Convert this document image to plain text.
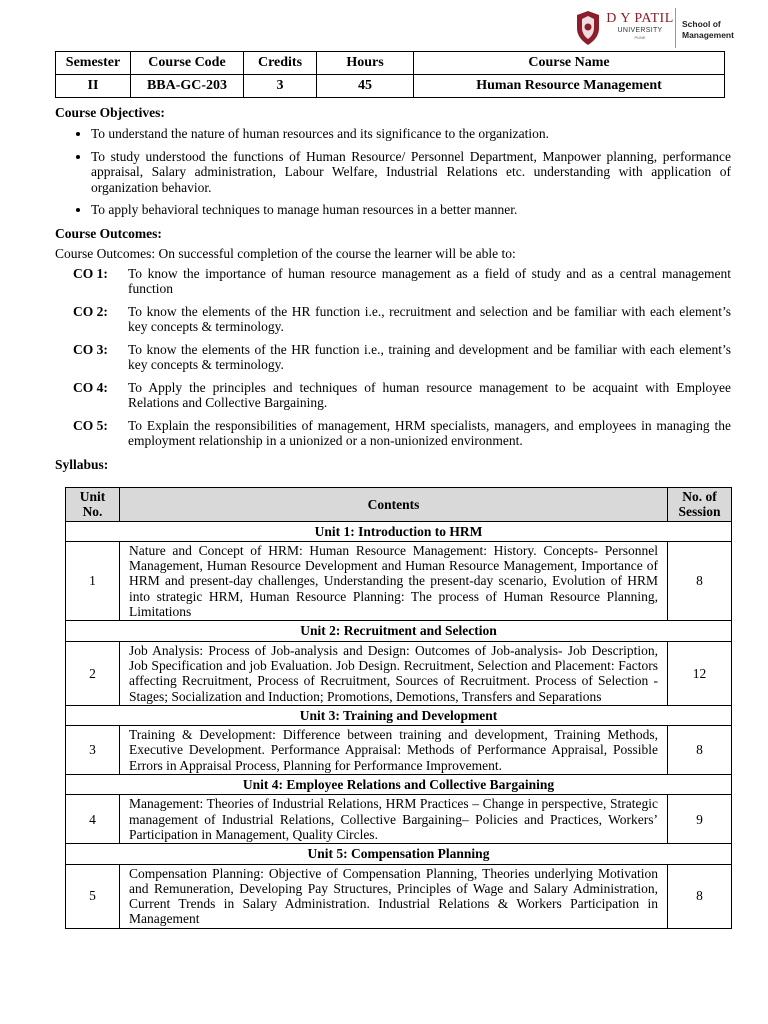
D Y PATIL
UNIVERSITY
PUNE
School of
Management
Semester	Course Code	Credits	Hours	Course Name
II	BBA-GC-203	3	45	Human Resource Management

Course Objectives:

• To understand the nature of human resources and its significance to the organization.
• To study understood the functions of Human Resource/ Personnel Department, Manpower planning, performance appraisal, Salary administration, Labour Welfare, Industrial Relations etc. understanding with application of organization behavior.
• To apply behavioral techniques to manage human resources in a better manner.

Course Outcomes:

Course Outcomes: On successful completion of the course the learner will be able to:
CO 1:	To know the importance of human resource management as a field of study and as a central management function
CO 2:	To know the elements of the HR function i.e., recruitment and selection and be familiar with each element’s key concepts & terminology.
CO 3:	To know the elements of the HR function i.e., training and development and be familiar with each element’s key concepts & terminology.
CO 4:	To Apply the principles and techniques of human resource management to be acquaint with Employee Relations and Collective Bargaining.
CO 5:	To Explain the responsibilities of management, HRM specialists, managers, and employees in managing the employment relationship in a unionized or a non-unionized environment.

Syllabus:

Unit No.	Contents	No. of Session
Unit 1: Introduction to HRM		
1	Nature and Concept of HRM: Human Resource Management: History. Concepts- Personnel Management, Human Resource Development and Human Resource Management, Importance of HRM and present-day challenges, Understanding the present-day scenario, Evolution of HRM into strategic HRM, Human Resource Planning: The process of Human Resource Planning, Limitations	8
Unit 2: Recruitment and Selection		
2	Job Analysis: Process of Job-analysis and Design: Outcomes of Job-analysis- Job Description, Job Specification and job Evaluation. Job Design. Recruitment, Selection and Placement: Factors affecting Recruitment, Process of Recruitment, Sources of Recruitment. Process of Selection - Stages; Socialization and Induction; Promotions, Demotions, Transfers and Separations	12
Unit 3: Training and Development		
3	Training & Development: Difference between training and development, Training Methods, Executive Development. Performance Appraisal: Methods of Performance Appraisal, Possible Errors in Appraisal Process, Planning for Performance Improvement.	8
Unit 4: Employee Relations and Collective Bargaining		
4	Management: Theories of Industrial Relations, HRM Practices – Change in perspective, Strategic management of Industrial Relations, Collective Bargaining– Policies and Practices, Workers’ Participation in Management, Quality Circles.	9
Unit 5: Compensation Planning		
5	Compensation Planning: Objective of Compensation Planning, Theories underlying Motivation and Remuneration, Developing Pay Structures, Principles of Wage and Salary Administration, Current Trends in Salary Administration. Industrial Relations & Workers Participation in Management	8
